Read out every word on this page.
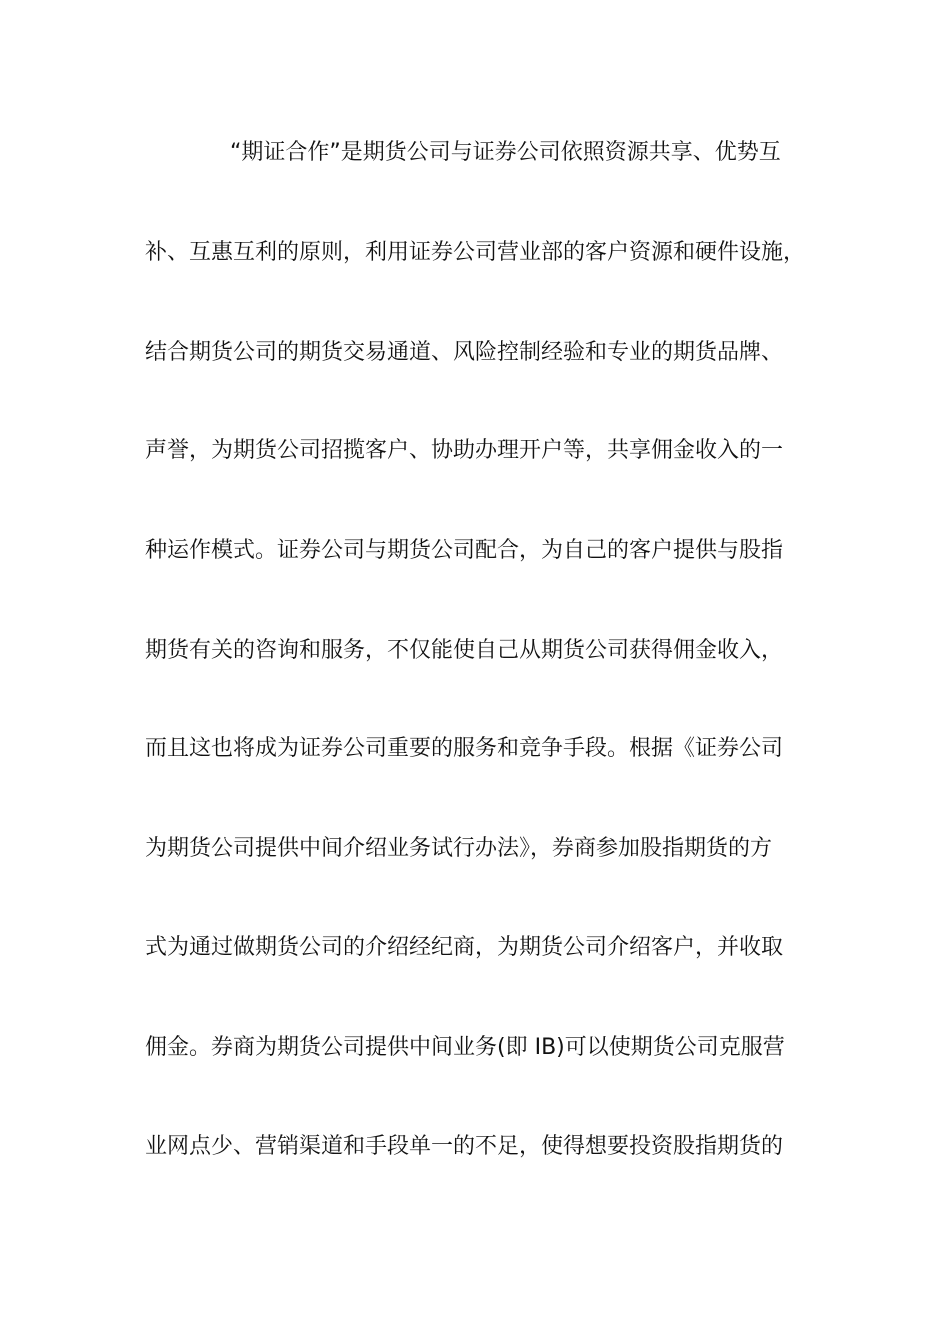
“期证合作”是期货公司与证券公司依照资源共享、优势互
补、互惠互利的原则，利用证券公司营业部的客户资源和硬件设施，
结合期货公司的期货交易通道、风险控制经验和专业的期货品牌、
声誉，为期货公司招揽客户、协助办理开户等，共享佣金收入的一
种运作模式。证券公司与期货公司配合，为自己的客户提供与股指
期货有关的咨询和服务，不仅能使自己从期货公司获得佣金收入，
而且这也将成为证券公司重要的服务和竞争手段。根据《证券公司
为期货公司提供中间介绍业务试行办法》，券商参加股指期货的方
式为通过做期货公司的介绍经纪商，为期货公司介绍客户，并收取
佣金。券商为期货公司提供中间业务(即 IB)可以使期货公司克服营
业网点少、营销渠道和手段单一的不足，使得想要投资股指期货的
